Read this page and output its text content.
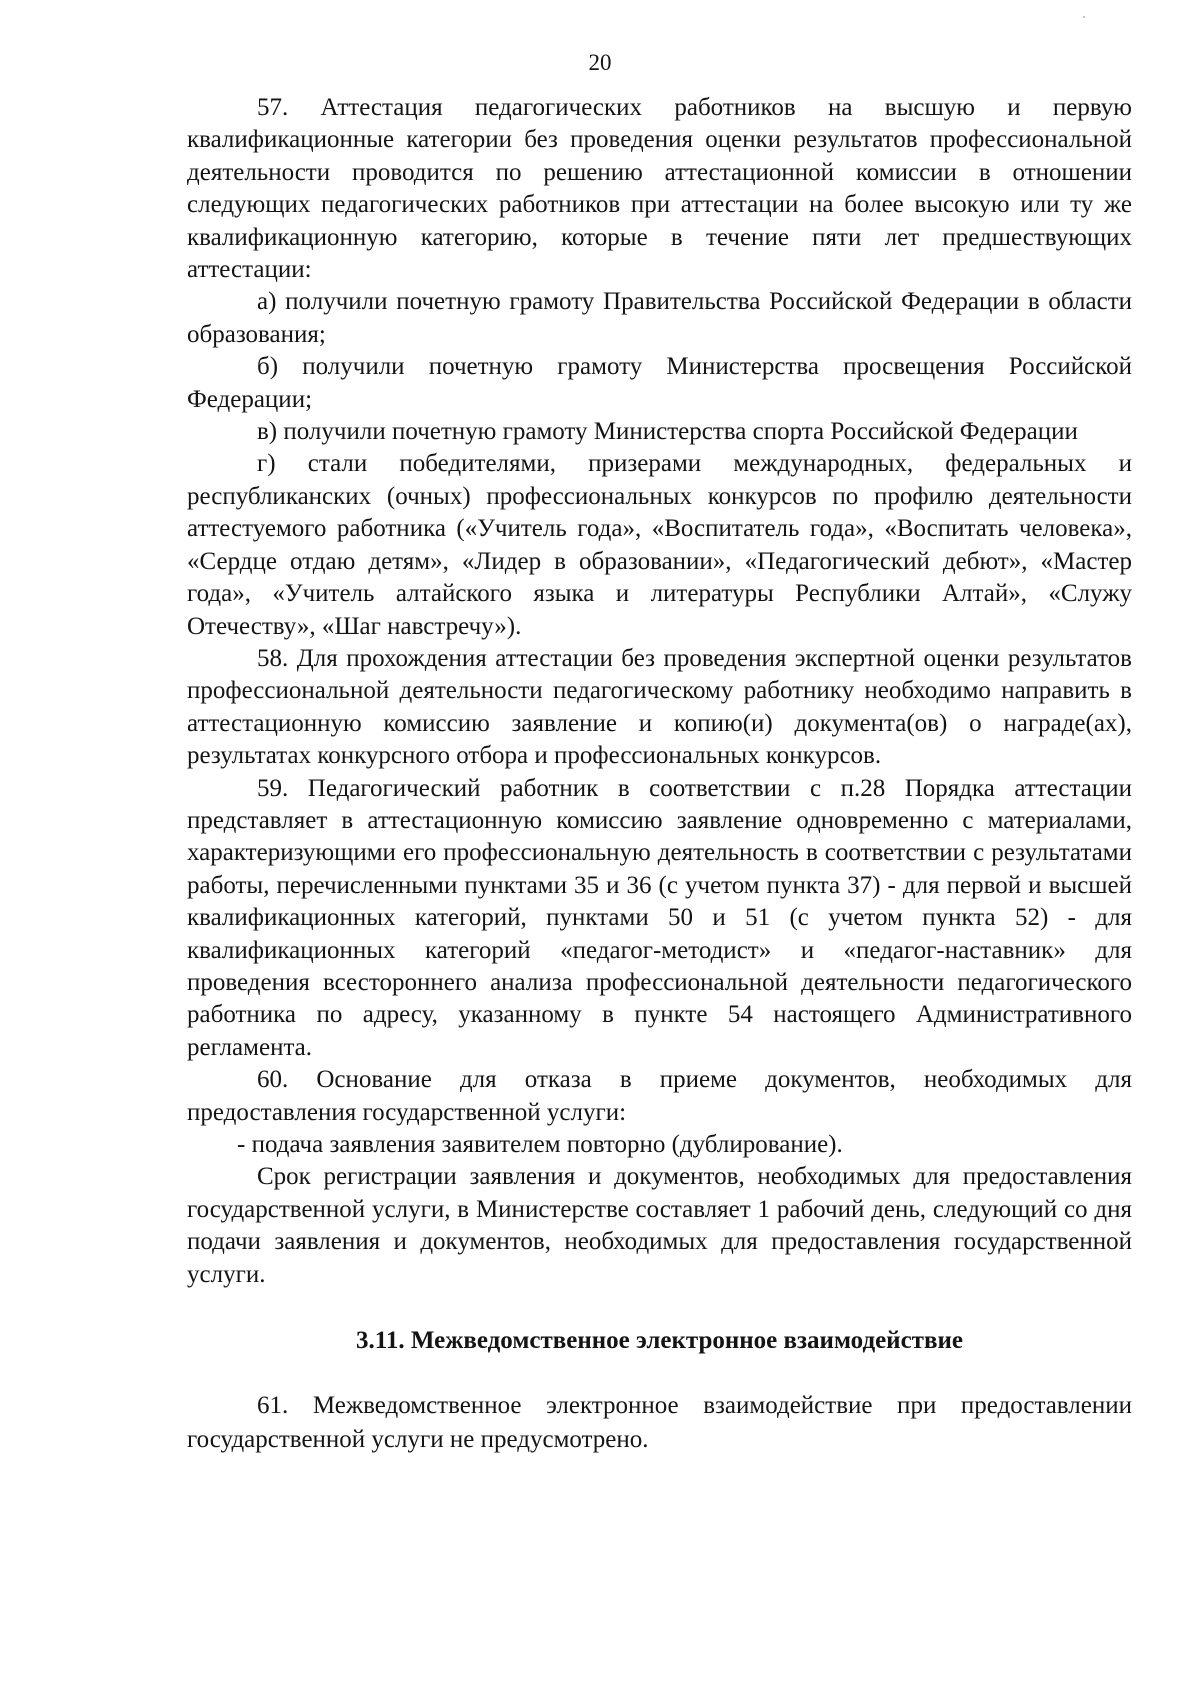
20

57. Аттестация педагогических работников на высшую и первую квалификационные категории без проведения оценки результатов профессиональной деятельности проводится по решению аттестационной комиссии в отношении следующих педагогических работников при аттестации на более высокую или ту же квалификационную категорию, которые в течение пяти лет предшествующих аттестации:

а) получили почетную грамоту Правительства Российской Федерации в области образования;

б) получили почетную грамоту Министерства просвещения Российской Федерации;

в) получили почетную грамоту Министерства спорта Российской Федерации

г) стали победителями, призерами международных, федеральных и республиканских (очных) профессиональных конкурсов по профилю деятельности аттестуемого работника («Учитель года», «Воспитатель года», «Воспитать человека», «Сердце отдаю детям», «Лидер в образовании», «Педагогический дебют», «Мастер года», «Учитель алтайского языка и литературы Республики Алтай», «Служу Отечеству», «Шаг навстречу»).

58. Для прохождения аттестации без проведения экспертной оценки результатов профессиональной деятельности педагогическому работнику необходимо направить в аттестационную комиссию заявление и копию(и) документа(ов) о награде(ах), результатах конкурсного отбора и профессиональных конкурсов.

59. Педагогический работник в соответствии с п.28 Порядка аттестации представляет в аттестационную комиссию заявление одновременно с материалами, характеризующими его профессиональную деятельность в соответствии с результатами работы, перечисленными пунктами 35 и 36 (с учетом пункта 37) - для первой и высшей квалификационных категорий, пунктами 50 и 51 (с учетом пункта 52) - для квалификационных категорий «педагог-методист» и «педагог-наставник» для проведения всестороннего анализа профессиональной деятельности педагогического работника по адресу, указанному в пункте 54 настоящего Административного регламента.

60. Основание для отказа в приеме документов, необходимых для предоставления государственной услуги:

- подача заявления заявителем повторно (дублирование).

Срок регистрации заявления и документов, необходимых для предоставления государственной услуги, в Министерстве составляет 1 рабочий день, следующий со дня подачи заявления и документов, необходимых для предоставления государственной услуги.

3.11. Межведомственное электронное взаимодействие

61. Межведомственное электронное взаимодействие при предоставлении государственной услуги не предусмотрено.
